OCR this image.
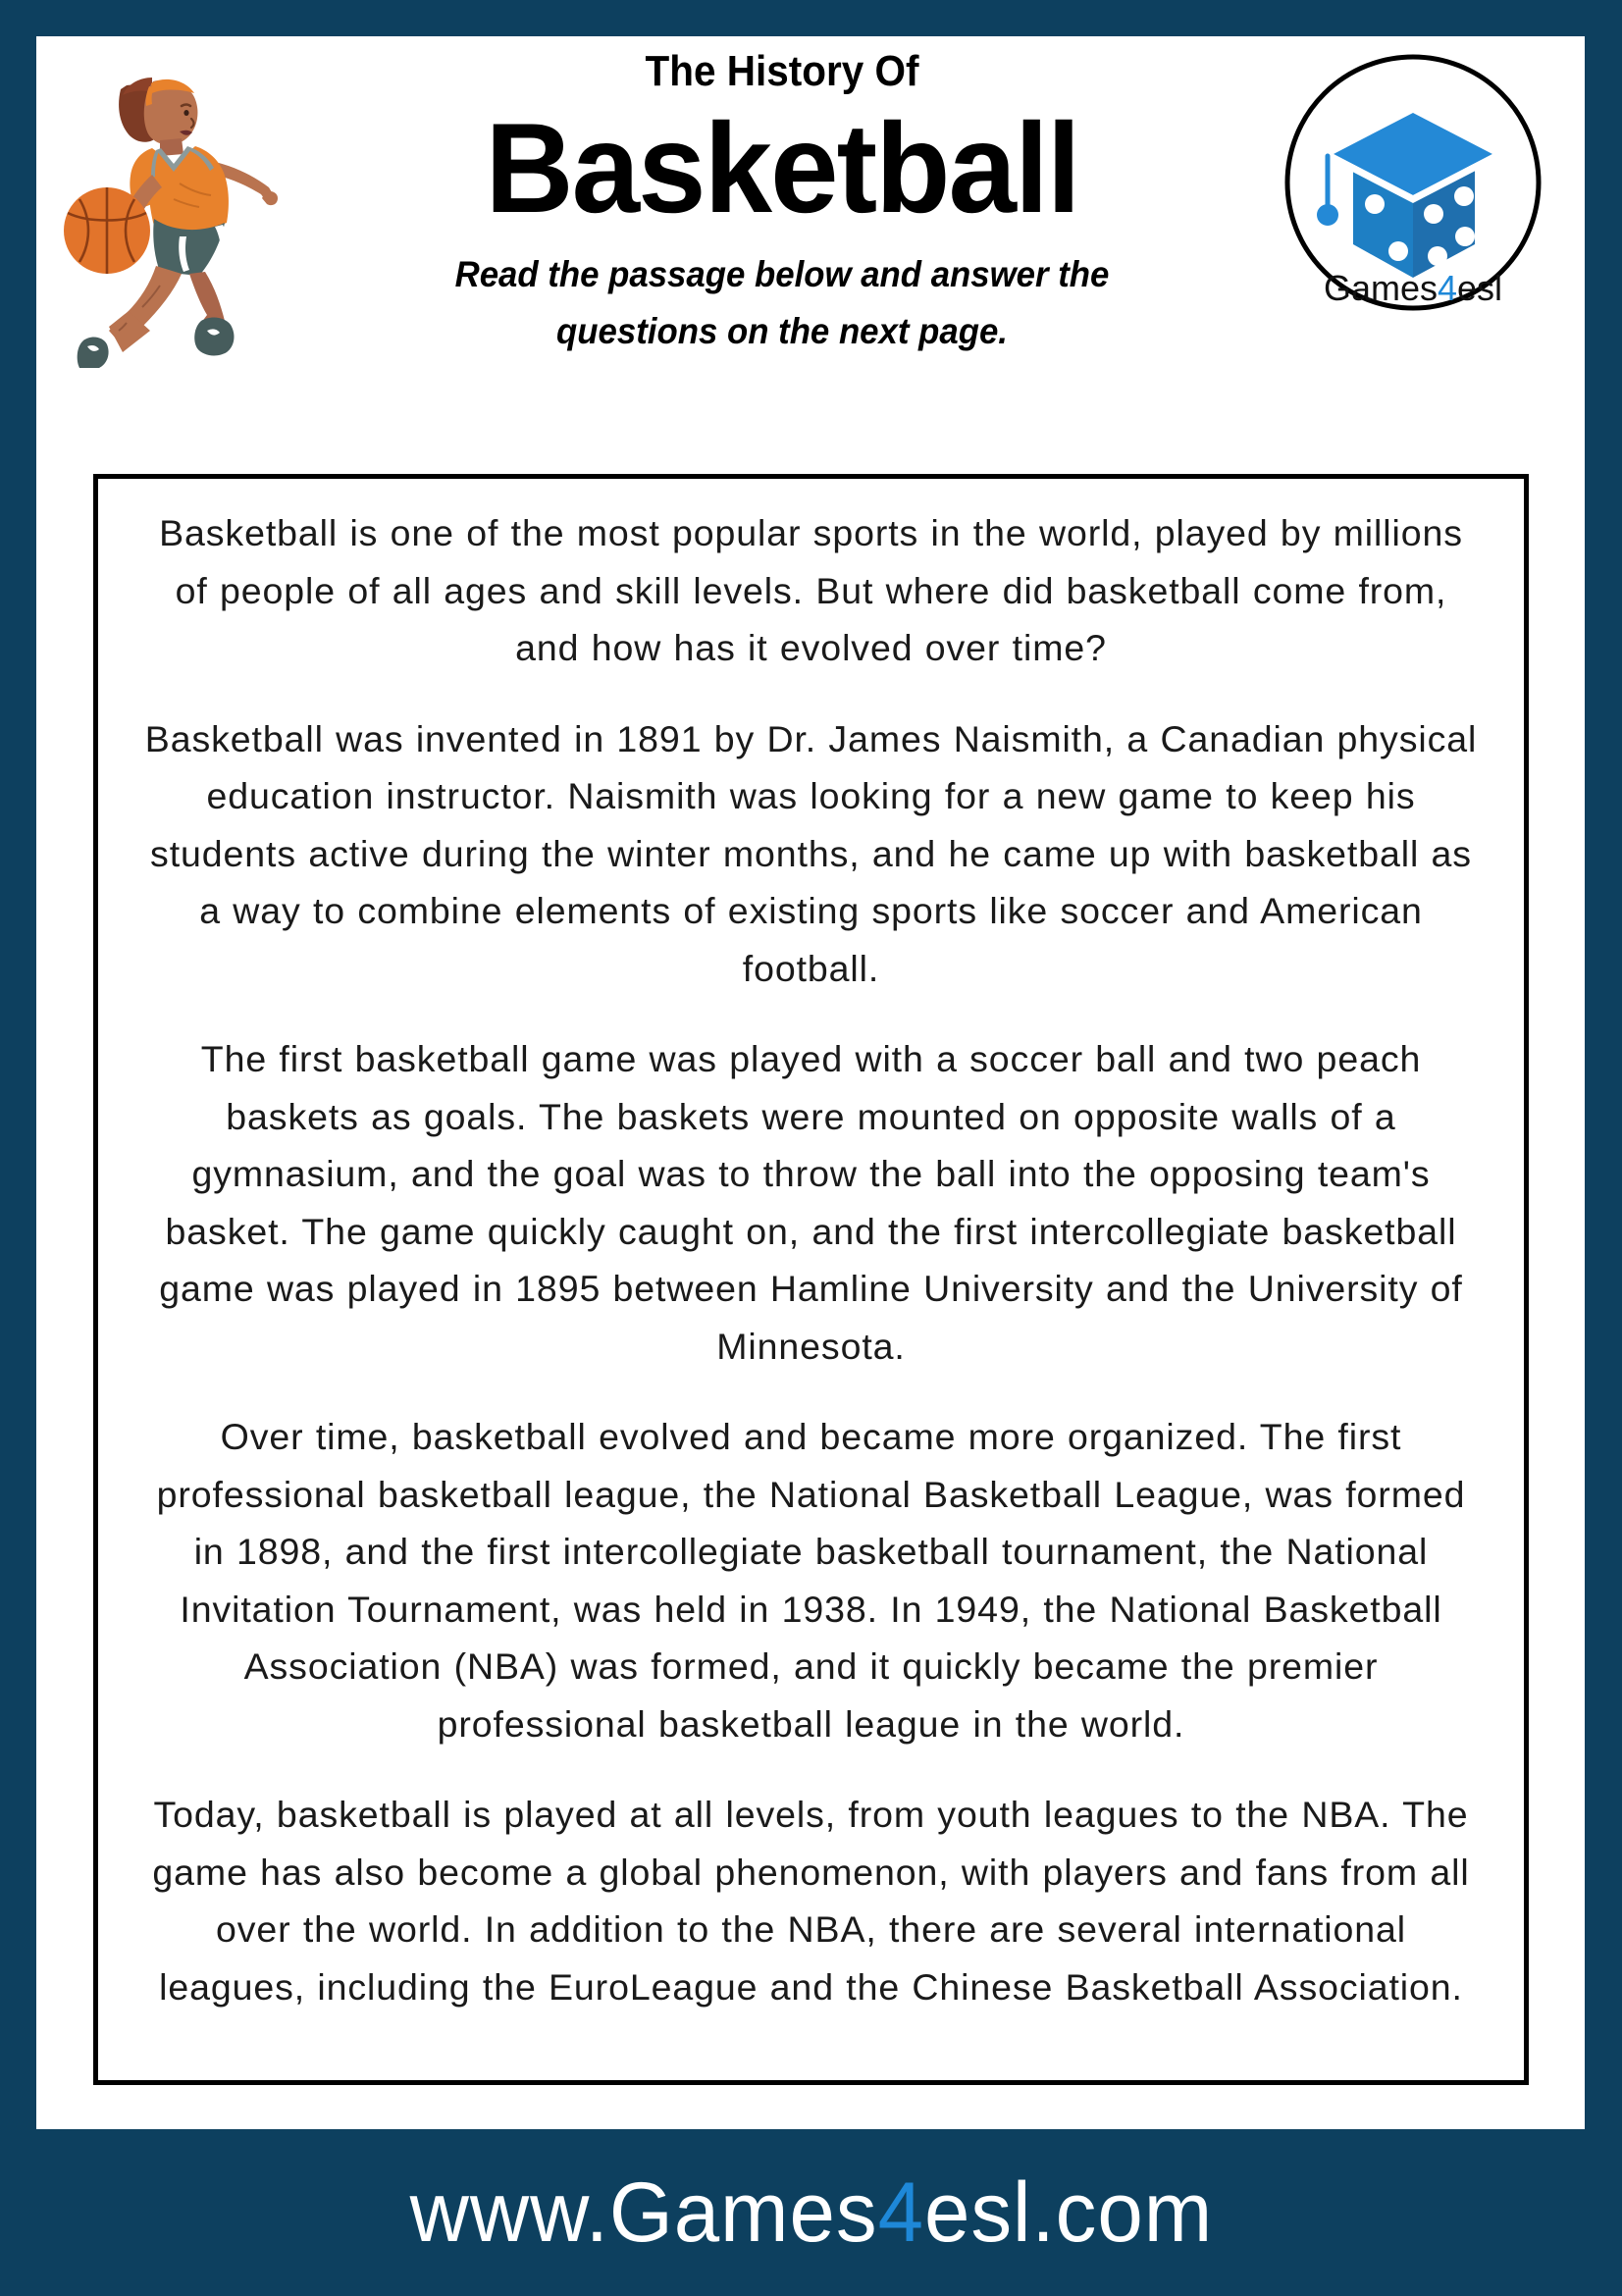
The History Of
Basketball
Read the passage below and answer the
questions on the next page.
Games4esl

Basketball is one of the most popular sports in the world, played by millions of people of all ages and skill levels. But where did basketball come from, and how has it evolved over time?

Basketball was invented in 1891 by Dr. James Naismith, a Canadian physical education instructor. Naismith was looking for a new game to keep his students active during the winter months, and he came up with basketball as a way to combine elements of existing sports like soccer and American football.

The first basketball game was played with a soccer ball and two peach baskets as goals. The baskets were mounted on opposite walls of a gymnasium, and the goal was to throw the ball into the opposing team's basket. The game quickly caught on, and the first intercollegiate basketball game was played in 1895 between Hamline University and the University of Minnesota.

Over time, basketball evolved and became more organized. The first professional basketball league, the National Basketball League, was formed in 1898, and the first intercollegiate basketball tournament, the National Invitation Tournament, was held in 1938. In 1949, the National Basketball Association (NBA) was formed, and it quickly became the premier professional basketball league in the world.

Today, basketball is played at all levels, from youth leagues to the NBA. The game has also become a global phenomenon, with players and fans from all over the world. In addition to the NBA, there are several international leagues, including the EuroLeague and the Chinese Basketball Association.

www.Games4esl.com
